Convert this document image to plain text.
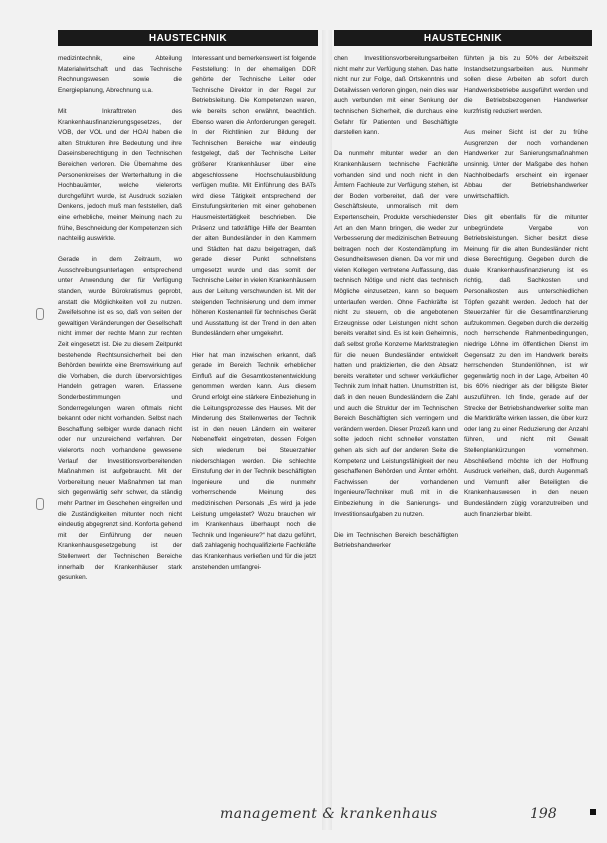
HAUSTECHNIK

medizintechnik, eine Abteilung Materialwirtschaft und das Technische Rechnungswesen sowie die Energieplanung, Abrechnung u.a.

Mit Inkrafttreten des Krankenhausfinanzierungsgesetzes, der VOB, der VOL und der HOAI haben die alten Strukturen ihre Bedeutung und ihre Daseinsberechtigung in den Technischen Bereichen verloren. Die Übernahme des Personenkreises der Werterhaltung in die Hochbauämter, welche vielerorts durchgeführt wurde, ist Ausdruck sozialen Denkens, jedoch muß man feststellen, daß eine erhebliche, meiner Meinung nach zu frühe, Beschneidung der Kompetenzen sich nachteilig auswirkte.

Gerade in dem Zeitraum, wo Ausschreibungsunterlagen entsprechend unter Anwendung der für Verfügung standen, wurde Bürokratismus geprobt, anstatt die Möglichkeiten voll zu nutzen. Zweifelsohne ist es so, daß von seiten der gewaltigen Veränderungen der Gesellschaft nicht immer der rechte Mann zur rechten Zeit eingesetzt ist. Die zu diesem Zeitpunkt bestehende Rechtsunsicherheit bei den Behörden bewirkte eine Bremswirkung auf die Vorhaben, die durch übervorsichtiges Handeln getragen waren. Erlassene Sonderbestimmungen und Sonderregelungen waren oftmals nicht bekannt oder nicht vorhanden. Selbst nach Beschaffung selbiger wurde danach nicht oder nur unzureichend verfahren. Der vielerorts noch vorhandene gewesene Verlauf der Investitionsvorbereitenden Maßnahmen ist aufgebraucht. Mit der Vorbereitung neuer Maßnahmen tat man sich gegenwärtig sehr schwer, da ständig mehr Partner im Geschehen eingreifen und die Zuständigkeiten mitunter noch nicht eindeutig abgegrenzt sind. Konforta gehend mit der Einführung der neuen Krankenhausgesetzgebung ist der Stellenwert der Technischen Bereiche innerhalb der Krankenhäuser stark gesunken.

Interessant und bemerkenswert ist folgende Feststellung: In der ehemaligen DDR gehörte der Technische Leiter oder Technische Direktor in der Regel zur Betriebsleitung. Die Kompetenzen waren, wie bereits schon erwähnt, beachtlich. Ebenso waren die Anforderungen geregelt. In der Richtlinien zur Bildung der Technischen Bereiche war eindeutig festgelegt, daß der Technische Leiter größerer Krankenhäuser über eine abgeschlossene Hochschulausbildung verfügen mußte. Mit Einführung des BATs wird diese Tätigkeit entsprechend der Einstufungskriterien mit einer gehobenen Hausmeistertätigkeit beschrieben. Die Präsenz und tatkräftige Hilfe der Beamten der alten Bundesländer in den Kammern und Städten hat dazu beigetragen, daß gerade dieser Punkt schnellstens umgesetzt wurde und das somit der Technische Leiter in vielen Krankenhäusern aus der Leitung verschwunden ist. Mit der steigenden Technisierung und dem immer höheren Kostenanteil für technisches Gerät und Ausstattung ist der Trend in den alten Bundesländern eher umgekehrt.

Hier hat man inzwischen erkannt, daß gerade im Bereich Technik erheblicher Einfluß auf die Gesamtkostenentwicklung genommen werden kann. Aus diesem Grund erfolgt eine stärkere Einbeziehung in die Leitungsprozesse des Hauses. Mit der Minderung des Stellenwertes der Technik ist in den neuen Ländern ein weiterer Nebeneffekt eingetreten, dessen Folgen sich wiederum bei Steuerzahler niederschlagen werden. Die schlechte Einstufung der in der Technik beschäftigten Ingenieure und die nunmehr vorherrschende Meinung des medizinischen Personals „Es wird ja jede Leistung umgelastet? Wozu brauchen wir im Krankenhaus überhaupt noch die Technik und Ingenieure?“ hat dazu geführt, daß zahlagenig hochqualifizierte Fachkräfte das Krankenhaus verließen und für die jetzt anstehenden umfangrei-

HAUSTECHNIK

chen Investitionsvorbereitungsarbeiten nicht mehr zur Verfügung stehen. Das hatte nicht nur zur Folge, daß Ortskenntnis und Detailwissen verloren gingen, nein dies war auch verbunden mit einer Senkung der technischen Sicherheit, die durchaus eine Gefahr für Patienten und Beschäftigte darstellen kann.

Da nunmehr mitunter weder an den Krankenhäusern technische Fachkräfte vorhanden sind und noch nicht in den Ämtern Fachleute zur Verfügung stehen, ist der Boden vorbereitet, daß der vere Geschäftsleute, unmoralisch mit dem Expertenschein, Produkte verschiedenster Art an den Mann bringen, die weder zur Verbesserung der medizinischen Betreuung beitragen noch der Kostendämpfung im Gesundheitswesen dienen. Da vor mir und vielen Kollegen vertretene Auffassung, das technisch Nötige und nicht das technisch Mögliche einzusetzen, kann so bequem unterlaufen werden. Ohne Fachkräfte ist nicht zu steuern, ob die angebotenen Erzeugnisse oder Leistungen nicht schon bereits veraltet sind. Es ist kein Geheimnis, daß selbst große Konzerne Marktstrategien für die neuen Bundesländer entwickelt hatten und praktizierten, die den Absatz bereits veralteter und schwer verkäuflicher Technik zum Inhalt hatten. Unumstritten ist, daß in den neuen Bundesländern die Zahl und auch die Struktur der im Technischen Bereich Beschäftigten sich verringern und verändern werden. Dieser Prozeß kann und sollte jedoch nicht schneller vonstatten gehen als sich auf der anderen Seite die Kompetenz und Leistungsfähigkeit der neu geschaffenen Behörden und Ämter erhöht. Fachwissen der vorhandenen Ingenieure/Techniker muß mit in die Einbeziehung in die Sanierungs- und Investitionsaufgaben zu nutzen.

Die im Technischen Bereich beschäftigten Betriebshandwerker

führten ja bis zu 50% der Arbeitszeit Instandsetzungsarbeiten aus. Nunmehr sollen diese Arbeiten ab sofort durch Handwerksbetriebe ausgeführt werden und die Betriebsbezogenen Handwerker kurzfristig reduziert werden.

Aus meiner Sicht ist der zu frühe Ausgrenzen der noch vorhandenen Handwerker zur Sanierungsmaßnahmen unsinnig. Unter der Maßgabe des hohen Nachholbedarfs erscheint ein irgenaer Abbau der Betriebshandwerker unwirtschaftlich.

Dies gilt ebenfalls für die mitunter unbegründete Vergabe von Betriebsleistungen. Sicher besitzt diese Meinung für die alten Bundesländer nicht diese Berechtigung. Gegeben durch die duale Krankenhausfinanzierung ist es richtig, daß Sachkosten und Personalkosten aus unterschiedlichen Töpfen gezahlt werden. Jedoch hat der Steuerzahler für die Gesamtfinanzierung aufzukommen. Gegeben durch die derzeitig noch herrschende Rahmenbedingungen, niedrige Löhne im öffentlichen Dienst im Gegensatz zu den im Handwerk bereits herrschenden Stundenlöhnen, ist wir gegenwärtig noch in der Lage, Arbeiten 40 bis 60% niedriger als der billigste Bieter auszuführen. Ich finde, gerade auf der Strecke der Betriebshandwerker sollte man die Marktkräfte wirken lassen, die über kurz oder lang zu einer Reduzierung der Anzahl führen, und nicht mit Gewalt Stellenplankürzungen vornehmen. Abschließend möchte ich der Hoffnung Ausdruck verleihen, daß, durch Augenmaß und Vernunft aller Beteiligten die Krankenhauswesen in den neuen Bundesländern zügig voranzutreiben und auch finanzierbar bleibt.

management & krankenhaus	198
